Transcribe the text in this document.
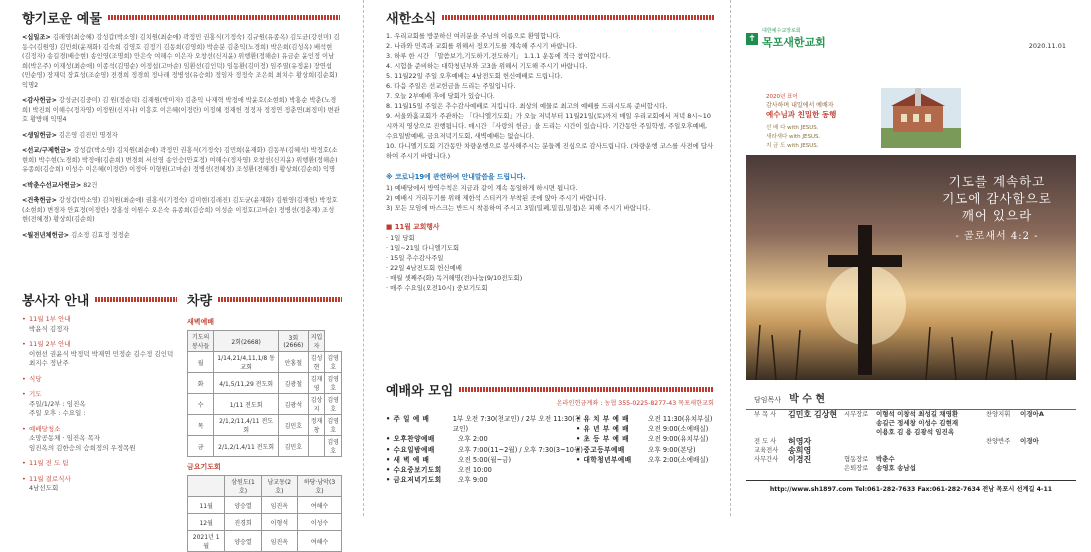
향기로운 예물
<십일조> 김래영(최승혜) 강성갑(박소영) 김치원(최순애) 곽정민 권홍식(기정숙) 김규원(유종옥) 김도균(강선미) 김동수(김원영) 김민희(윤재화) 김숙희 김영호 김정기 김동희(김영희) 박순분 김춘익(노경희) 박은희(김성옥) 배석현(김정자) 송길경(배승현) 송인영(조명희) 안은숙 여해수 이은자 오창선(신지윤) 위행환(정해순) 유금순 윤인정 이남희(박은주) 이재성(최순애) 이종석(김명순) 이정섭(고마순) 임환선(김인덕) 임동환(김미정) 임주열(유정윤) 장연섭(민순영) 장재덕 장효성(조순영) 전경희 정경희 정나래 정병성(유승희) 정임자 정정숙 조은희 최치수 황상희(김순회) 익명2
<감사헌금> 강성균(김중미) 김 원(정순덕) 김재원(박미자) 김춘익 나재혁 박정애 박윤호(소현희) 박홍순 박춘(노경희) 박진희 이해수(정자영) 이정원(신지나) 이흥호 이은혜(이정란) 이정혜 정재헌 정정자 정정연 정춘연(최정미) 변관호 황방해 익명4
<생일헌금> 김은영 김진민 명경자
<선교/구제헌금> 강성갑(박소영) 김치원(최순애) 곽정민 권홍식(기정숙) 김민희(윤재화) 김동부(김혜석) 박정호(소현희) 박수현(노경희) 박정애(김순희) 변경희 서선영 송인승(안효정) 여해수(정자영) 오창선(신지윤) 위행환(정해순) 유종희(김승희) 이성수 이은혜(이정란) 이정아 이형원(고마순) 정병선(전혜경) 조성환(전혜경) 황상희(김순희) 익명
<박춘수선교사헌금> 82건
<건축헌금> 강성갑(박소영) 김치원(최순애) 권홍식(기정숙) 김미현(김래진) 김도균(윤재화) 김원영(김재헌) 박정호(소현희) 변경자 안효정(이정란) 장홍성 이원수 오은숙 유종희(김승희) 이성순 이정호(고마순) 정병선(정춘재) 조성현(전혜경) 황상희(김순희)
<월전년체헌금> 김소정 김효정 정정순
봉사자 안내
• 11월 1부 안내
박윤식 김정자
• 11월 2부 안내
이현선 권윤식 박정덕 박재연 민정순 김수정 김인덕 최지수 정난주
• 식당
• 기도
주일/1/2부 : 임진옥
주일 오후 : 수요일 :
• 예배당청소
소망공동체 · 임진옥 목자
임진옥의 김한승의 승희정의 우정목원
• 11월 전 도 팀
• 11월 결로식사
4남선도회
차량
새벽예배
기도의 봉사들	2회(2668)	3회(2666)	지입자	
월	1/14,21/4,11,1/8 동교회	안홍철	김성현	김영호
화	4/1,5/11,29 전도회	김광철	김재영	김영호
수	1/11 전도회	김광석	김상지	김영호
목	2/1,2/11,4/11 전도회	김민호	정재창	김영호
금	2/1,2/1,4/11 전도회	김민호		김영호
금요기도회
	삼원도(1호)	남교동(2호)	하당·남악(3호)
11월	양승열	임진옥	여해수
12월	진경희	이형석	이성수
2021년 1월	양승열	임진옥	여해수
새한소식
1. 우리교회를 방문하신 여러분을 주님의 이름으로 환영합니다.
2. 나라와 민족과 교회를 위해서 정오기도를 계속해 주시기 바랍니다.
3. 하루 한 시간 「말씀보기,기도하기,전도하기」 1.1.1 운동에 적극 참여합시다.
4. 시험을 준비하는 대학청년부와 고3을 위해서 기도해 주시기 바랍니다.
5. 11월22일 주일 오후예배는 4남전도회 헌신예배로 드립니다.
6. 다음 주일은 선교헌금을 드리는 주일입니다.
7. 오늘 2부예배 후에 당회가 있습니다.
8. 11월15일 주일은 추수감사예배로 지킵니다. 최상의 예물로 최고의 예배를 드리시도록 준비합시다.
9. 서울와흘교회가 주관하는 「다니엘기도회」가 오늘 저녁부터 11월21일(토)까지 매일 우리교회에서 저녁 8시~10시까지 영상으로 진행됩니다. 매시간 「사랑의 헌금」을 드리는 시간이 있습니다. 기간동안 주일학생, 주일오후예배, 수요일밤예배, 금요저녁기도회, 새벽예배는 없습니다.
10. 다니엘기도회 기간동안 차량운행으로 봉사해주시는 분들께 진심으로 감사드립니다. (차량운행 코스를 사전에 답사하여 주시기 바랍니다.)
※ 코로나19에 관련하여 안내말씀을 드립니다.
1) 예배당에서 방역수칙은 지금과 같이 계속 동일하게 하시면 됩니다.
2) 예배시 거리두기를 위해 제한석 스티커가 부착된 곳에 앉아 주시기 바랍니다.
3) 모든 모임에 마스크는 반드시 착용하여 주시고 3밀(밀폐,밀집,밀접)은 피해 주시기 바랍니다.
■ 11월 교회행사
· 1일 당회
· 1일~21일 다니엘기도회
· 15일 추수감사주일
· 22일 4남전도회 헌신예배
· 매월 셋째주(화) 독거해명(전)나눔(9/10전도회)
· 매주 수요일(오전10시) 중보기도회
예배와 모임
온라인헌금계좌 : 농협 355-0225-8277-43 목포새한교회
• 주 일 예 배	1부 오전 7:30(천교인) / 2부 오전 11:30(천교인)
• 오후찬양예배	오후 2:00
• 수요일밤예배	오후 7:00(11~2월) / 오후 7:30(3~10월)
• 새 벽 예 배	오전 5:00(월~금)
• 수요중보기도회	오전 10:00
• 금요저녁기도회	오후 9:00
• 유 치 부 예 배	오전 11:30(유치부실)
• 유 년 부 예 배	오전 9:00(소예배실)
• 초 등 부 예 배	오전 9:00(유치부실)
• 중고등부예배	오후 9:00(본당)
• 대학청년부예배	오후 2:00(소예배실)
✝
대한예수교장로회
목포새한교회	2020.11.01
2020년 표어
감사하며 내일에서 예배자
예수님과 친밀한 동행
선 배 다 with JESUS.
새라새다 with JESUS.
지 금 도 with JESUS.
기도를 계속하고
기도에 감사함으로
깨어 있으라
- 골로새서 4:2 -
담임목사 박 수 현
부 목 사	김민호 김상현	시무장로	이형석 이창석 최성길 채영환
송길근 정세창 이성수 김현재
이용호 김 용 김광석 임진옥
찬양지휘	이경아A
전 도 사	허영자	찬양반주	이경아
교육전사	송희영
사무간사	이경진	협동장로	박춘수
은퇴장로	송영호 송남섭
http://www.sh1897.com Tel:061-282-7633 Fax:061-282-7634 전남 목포시 선계길 4-11
